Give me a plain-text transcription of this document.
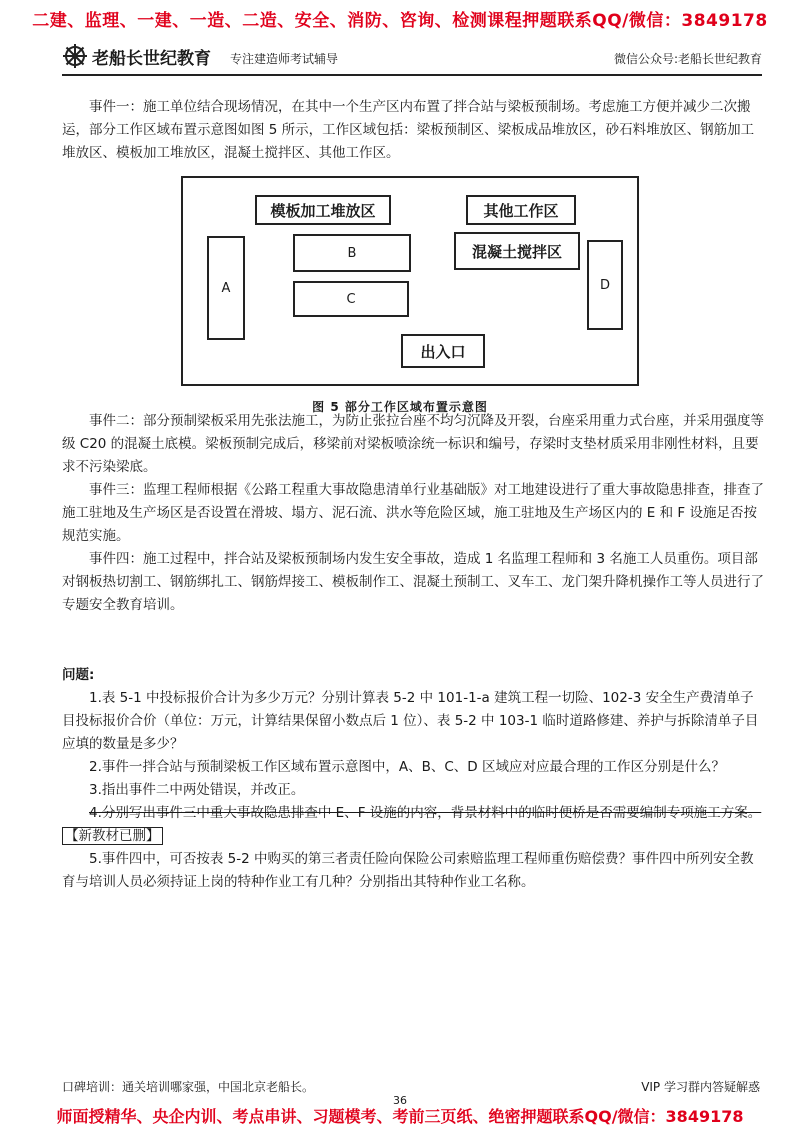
二建、监理、一建、一造、二造、安全、消防、咨询、检测课程押题联系QQ/微信：3849178
老船长世纪教育 专注建造师考试辅导	微信公众号:老船长世纪教育

事件一：施工单位结合现场情况，在其中一个生产区内布置了拌合站与梁板预制场。考虑施工方便并减少二次搬运，部分工作区域布置示意图如图 5 所示，工作区域包括：梁板预制区、梁板成品堆放区，砂石料堆放区、钢筋加工堆放区、模板加工堆放区，混凝土搅拌区、其他工作区。

模板加工堆放区	其他工作区
混凝土搅拌区
A
B
C
D
出入口
图 5 部分工作区域布置示意图

事件二：部分预制梁板采用先张法施工，为防止张拉台座不均匀沉降及开裂，台座采用重力式台座，并采用强度等级 C20 的混凝土底模。梁板预制完成后，移梁前对梁板喷涂统一标识和编号，存梁时支垫材质采用非刚性材料，且要求不污染梁底。

事件三：监理工程师根据《公路工程重大事故隐患清单行业基础版》对工地建设进行了重大事故隐患排查，排查了施工驻地及生产场区是否设置在滑坡、塌方、泥石流、洪水等危险区域，施工驻地及生产场区内的 E 和 F 设施足否按规范实施。

事件四：施工过程中，拌合站及梁板预制场内发生安全事故，造成 1 名监理工程师和 3 名施工人员重伤。项目部对钢板热切割工、钢筋绑扎工、钢筋焊接工、模板制作工、混凝土预制工、叉车工、龙门架升降机操作工等人员进行了专题安全教育培训。

问题:

1.表 5-1 中投标报价合计为多少万元？分别计算表 5-2 中 101-1-a 建筑工程一切险、102-3 安全生产费清单子目投标报价合价（单位：万元，计算结果保留小数点后 1 位）、表 5-2 中 103-1 临时道路修建、养护与拆除清单子目应填的数量是多少？

2.事件一拌合站与预制梁板工作区域布置示意图中，A、B、C、D 区域应对应最合理的工作区分别是什么？

3.指出事件二中两处错误，并改正。

4.分别写出事件三中重大事故隐患排查中 E、F 设施的内容，背景材料中的临时便桥是否需要编制专项施工方案。【新教材已删】

5.事件四中，可否按表 5-2 中购买的第三者责任险向保险公司索赔监理工程师重伤赔偿费？事件四中所列安全教育与培训人员必须持证上岗的特种作业工有几种？分别指出其特种作业工名称。

口碑培训：通关培训哪家强，中国北京老船长。	VIP 学习群内答疑解惑
36
师面授精华、央企内训、考点串讲、习题模考、考前三页纸、绝密押题联系QQ/微信：3849178
